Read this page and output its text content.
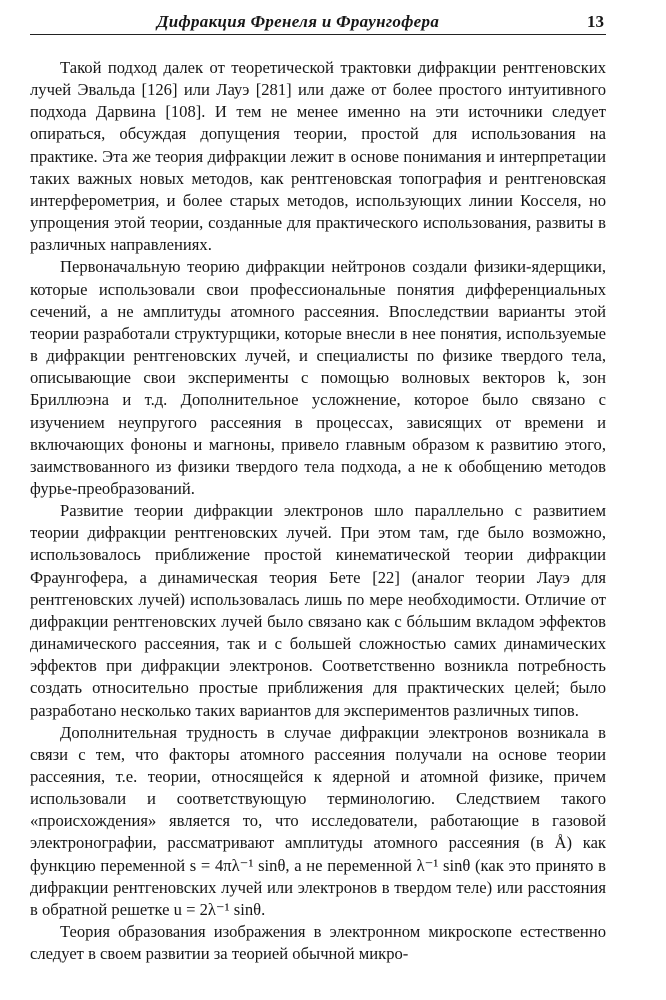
Дифракция Френеля и Фраунгофера	13

Такой подход далек от теоретической трактовки дифракции рентгеновских лучей Эвальда [126] или Лауэ [281] или даже от более простого интуитивного подхода Дарвина [108]. И тем не менее именно на эти источники следует опираться, обсуждая допущения теории, простой для использования на практике. Эта же теория дифракции лежит в основе понимания и интерпретации таких важных новых методов, как рентгеновская топография и рентгеновская интерферометрия, и более старых методов, использующих линии Косселя, но упрощения этой теории, созданные для практического использования, развиты в различных направлениях.

Первоначальную теорию дифракции нейтронов создали физики-ядерщики, которые использовали свои профессиональные понятия дифференциальных сечений, а не амплитуды атомного рассеяния. Впоследствии варианты этой теории разработали структурщики, которые внесли в нее понятия, используемые в дифракции рентгеновских лучей, и специалисты по физике твердого тела, описывающие свои эксперименты с помощью волновых векторов k, зон Бриллюэна и т.д. Дополнительное усложнение, которое было связано с изучением неупругого рассеяния в процессах, зависящих от времени и включающих фононы и магноны, привело главным образом к развитию этого, заимствованного из физики твердого тела подхода, а не к обобщению методов фурье-преобразований.

Развитие теории дифракции электронов шло параллельно с развитием теории дифракции рентгеновских лучей. При этом там, где было возможно, использовалось приближение простой кинематической теории дифракции Фраунгофера, а динамическая теория Бете [22] (аналог теории Лауэ для рентгеновских лучей) использовалась лишь по мере необходимости. Отличие от дифракции рентгеновских лучей было связано как с бóльшим вкладом эффектов динамического рассеяния, так и с большей сложностью самих динамических эффектов при дифракции электронов. Соответственно возникла потребность создать относительно простые приближения для практических целей; было разработано несколько таких вариантов для экспериментов различных типов.

Дополнительная трудность в случае дифракции электронов возникала в связи с тем, что факторы атомного рассеяния получали на основе теории рассеяния, т.е. теории, относящейся к ядерной и атомной физике, причем использовали и соответствующую терминологию. Следствием такого «происхождения» является то, что исследователи, работающие в газовой электронографии, рассматривают амплитуды атомного рассеяния (в Å) как функцию переменной s = 4πλ⁻¹ sinθ, а не переменной λ⁻¹ sinθ (как это принято в дифракции рентгеновских лучей или электронов в твердом теле) или расстояния в обратной решетке u = 2λ⁻¹ sinθ.

Теория образования изображения в электронном микроскопе естественно следует в своем развитии за теорией обычной микро-
